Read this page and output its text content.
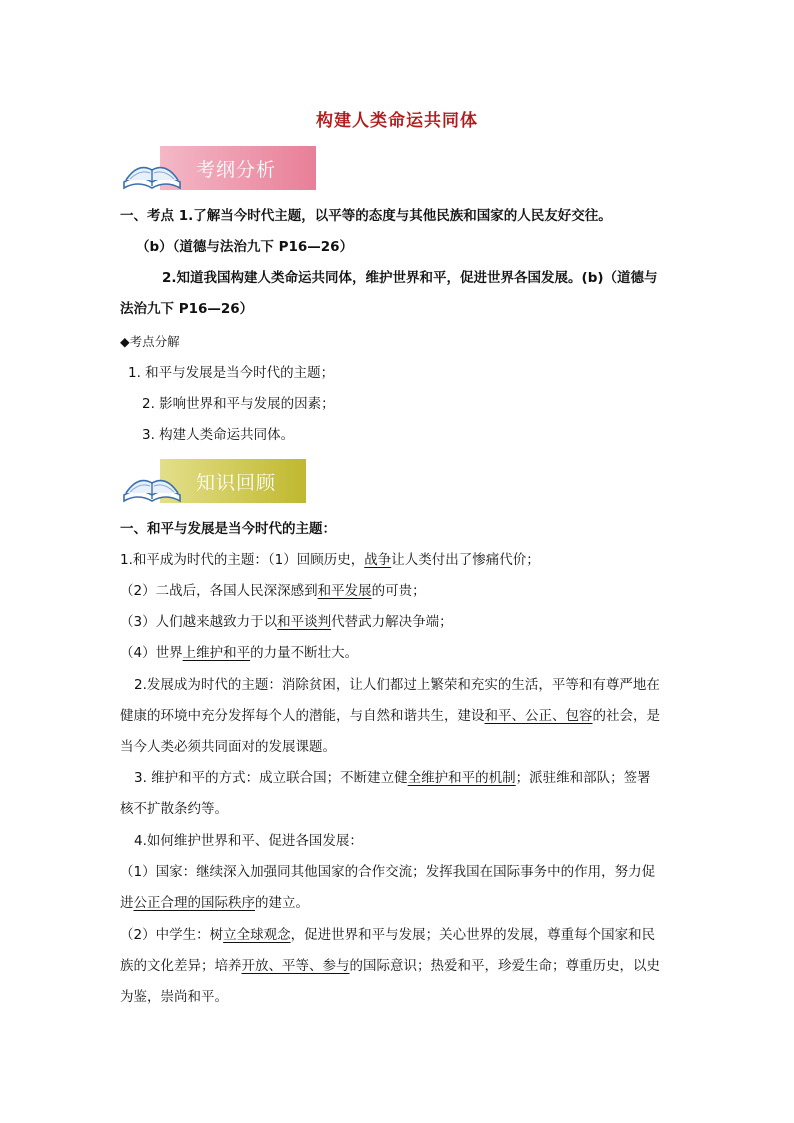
构建人类命运共同体
考纲分析
一、考点 1.了解当今时代主题，以平等的态度与其他民族和国家的人民友好交往。
（b）（道德与法治九下 P16—26）
2.知道我国构建人类命运共同体，维护世界和平，促进世界各国发展。(b)（道德与
法治九下 P16—26）
◆考点分解
1. 和平与发展是当今时代的主题；
2. 影响世界和平与发展的因素；
3. 构建人类命运共同体。
知识回顾
一、和平与发展是当今时代的主题：
1.和平成为时代的主题：（1）回顾历史，战争让人类付出了惨痛代价；
（2）二战后，各国人民深深感到和平发展的可贵；
（3）人们越来越致力于以和平谈判代替武力解决争端；
（4）世界上维护和平的力量不断壮大。
2.发展成为时代的主题：消除贫困，让人们都过上繁荣和充实的生活，平等和有尊严地在
健康的环境中充分发挥每个人的潜能，与自然和谐共生，建设和平、公正、包容的社会，是
当今人类必须共同面对的发展课题。
3. 维护和平的方式：成立联合国；不断建立健全维护和平的机制；派驻维和部队；签署
核不扩散条约等。
4.如何维护世界和平、促进各国发展：
（1）国家：继续深入加强同其他国家的合作交流；发挥我国在国际事务中的作用，努力促
进公正合理的国际秩序的建立。
（2）中学生：树立全球观念，促进世界和平与发展；关心世界的发展，尊重每个国家和民
族的文化差异；培养开放、平等、参与的国际意识；热爱和平，珍爱生命；尊重历史，以史
为鉴，崇尚和平。
